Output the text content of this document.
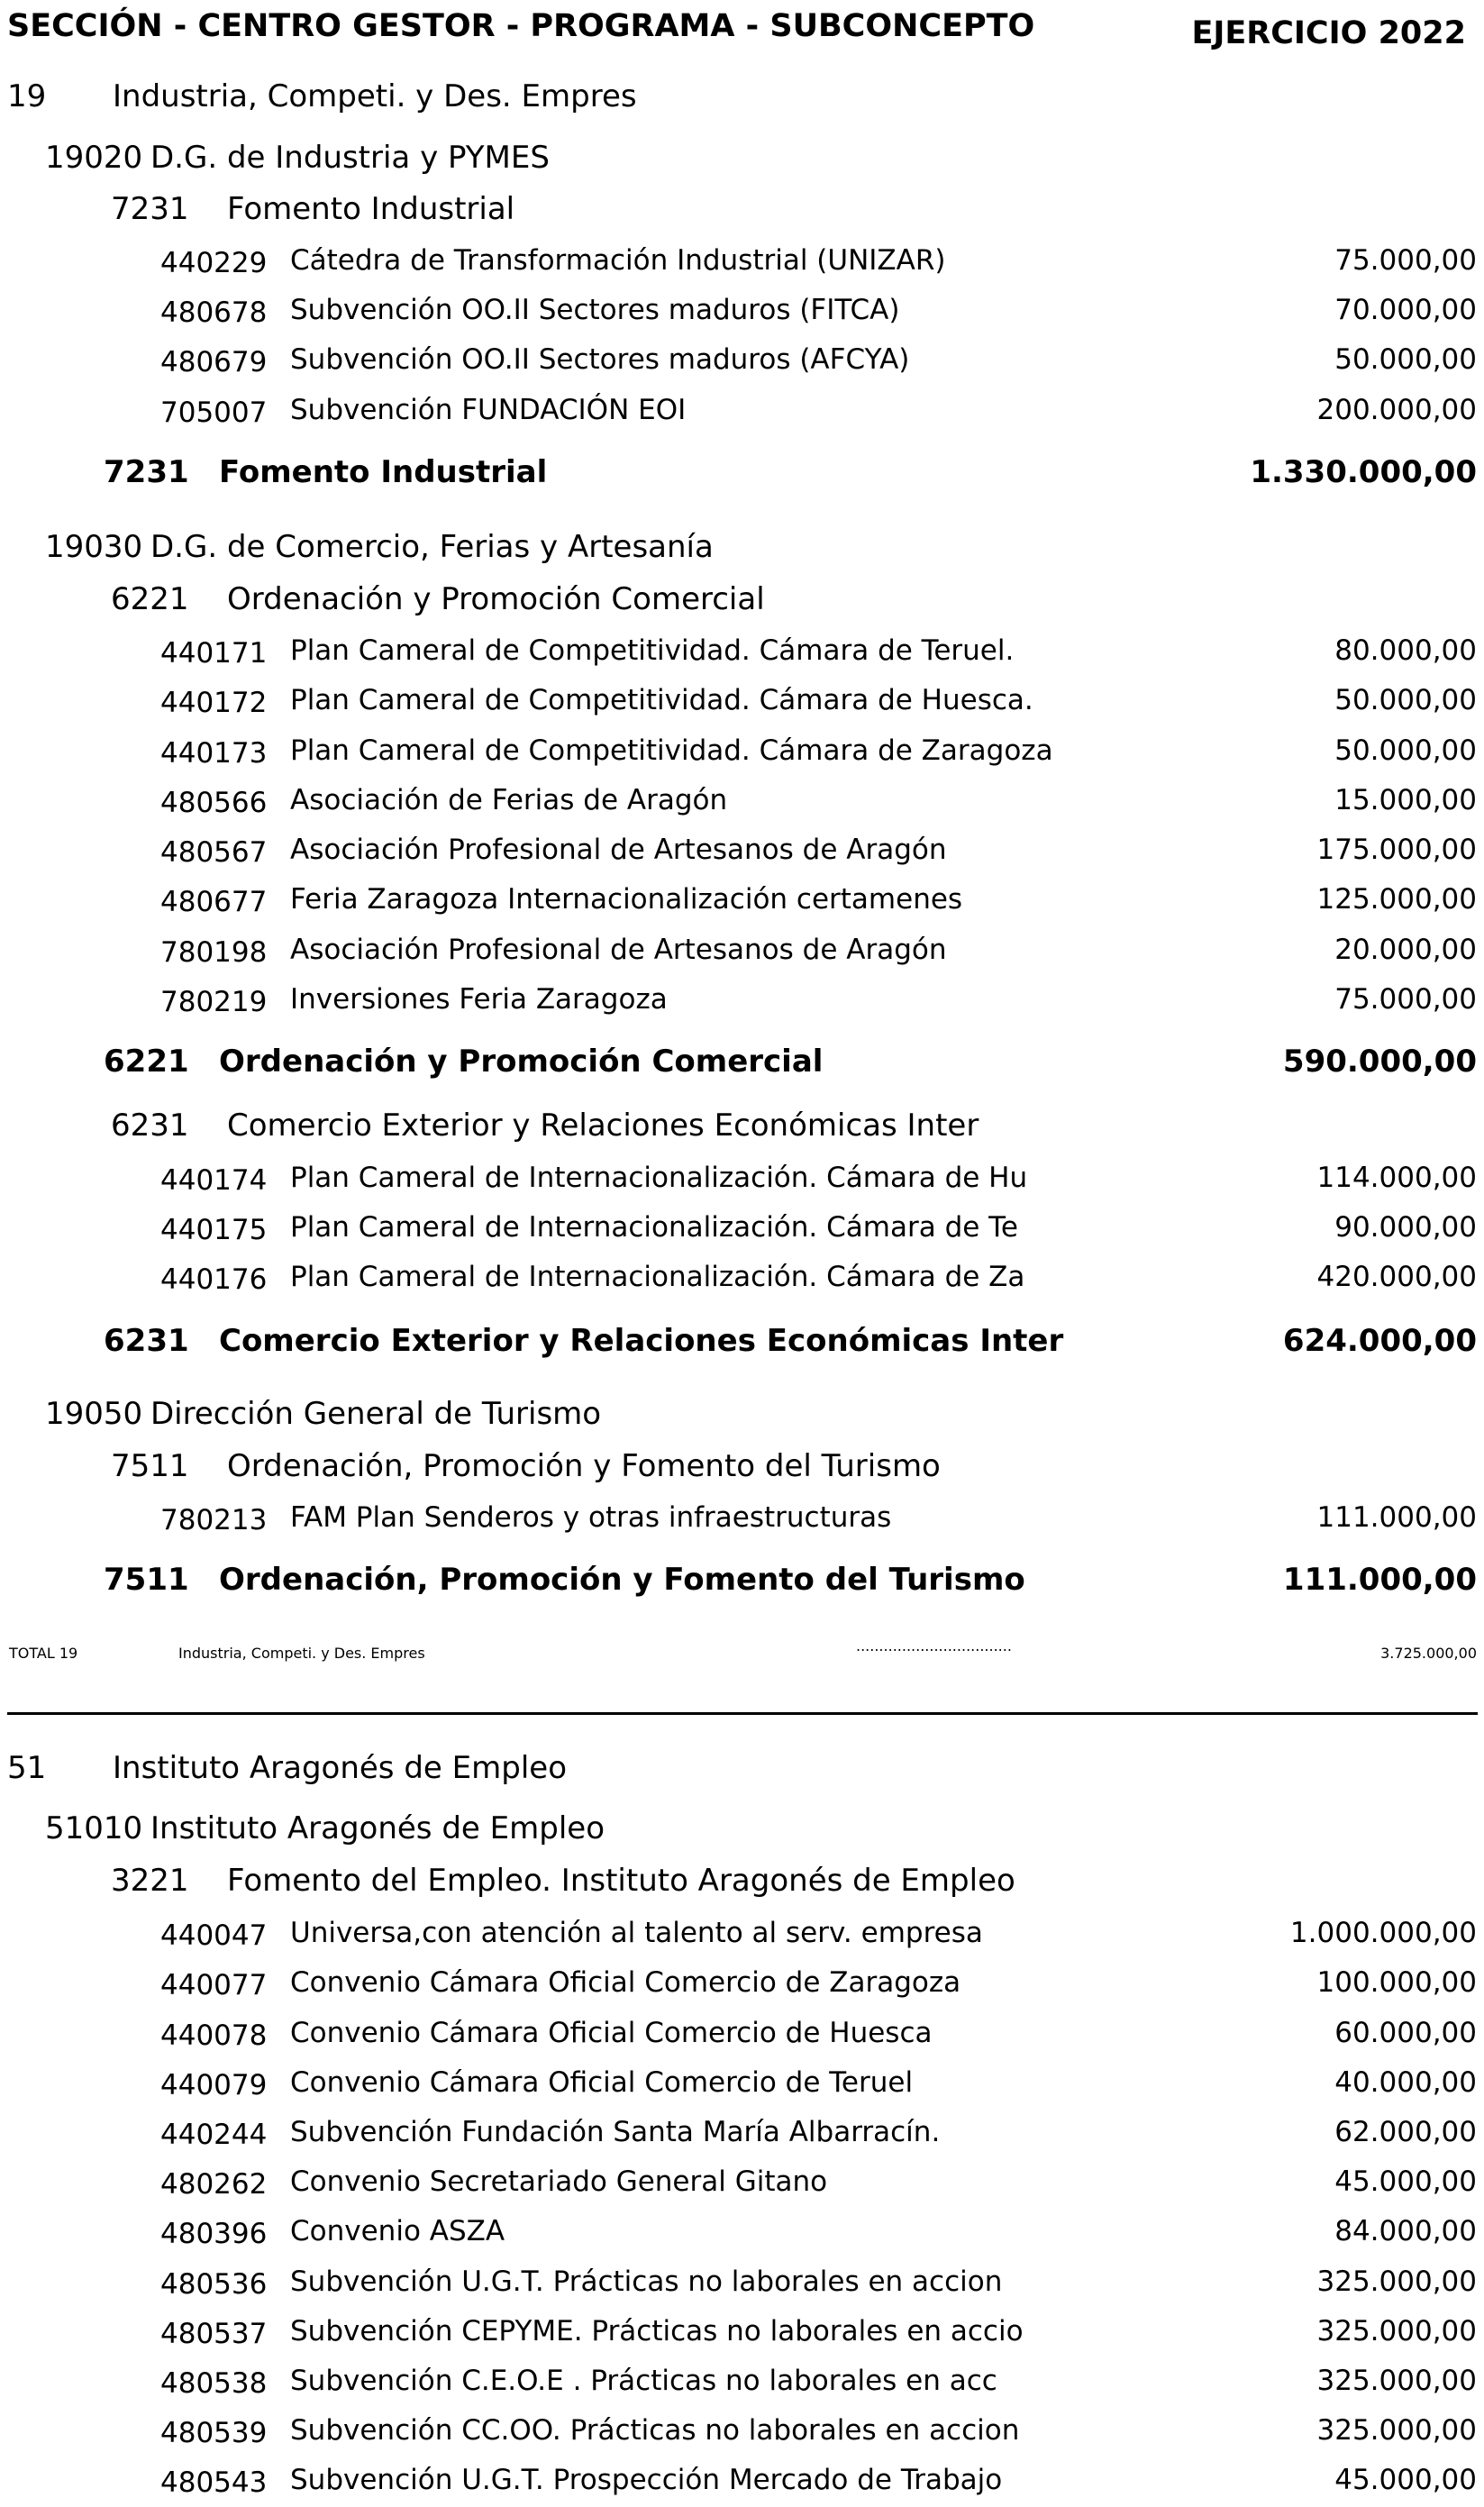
SECCIÓN - CENTRO GESTOR - PROGRAMA - SUBCONCEPTO	EJERCICIO 2022
19 Industria, Competi. y Des. Empres
19020 D.G. de Industria y PYMES
7231 Fomento Industrial
440229 Cátedra de Transformación Industrial (UNIZAR)	75.000,00
480678 Subvención OO.II Sectores maduros (FITCA)	70.000,00
480679 Subvención OO.II Sectores maduros (AFCYA)	50.000,00
705007 Subvención FUNDACIÓN EOI	200.000,00
7231 Fomento Industrial	1.330.000,00
19030 D.G. de Comercio, Ferias y Artesanía
6221 Ordenación y Promoción Comercial
440171 Plan Cameral de Competitividad. Cámara de Teruel.	80.000,00
440172 Plan Cameral de Competitividad. Cámara de Huesca.	50.000,00
440173 Plan Cameral de Competitividad. Cámara de Zaragoza	50.000,00
480566 Asociación de Ferias de Aragón	15.000,00
480567 Asociación Profesional de Artesanos de Aragón	175.000,00
480677 Feria Zaragoza Internacionalización certamenes	125.000,00
780198 Asociación Profesional de Artesanos de Aragón	20.000,00
780219 Inversiones Feria Zaragoza	75.000,00
6221 Ordenación y Promoción Comercial	590.000,00
6231 Comercio Exterior y Relaciones Económicas Inter
440174 Plan Cameral de Internacionalización. Cámara de Hu	114.000,00
440175 Plan Cameral de Internacionalización. Cámara de Te	90.000,00
440176 Plan Cameral de Internacionalización. Cámara de Za	420.000,00
6231 Comercio Exterior y Relaciones Económicas Inter	624.000,00
19050 Dirección General de Turismo
7511 Ordenación, Promoción y Fomento del Turismo
780213 FAM Plan Senderos y otras infraestructuras	111.000,00
7511 Ordenación, Promoción y Fomento del Turismo	111.000,00
TOTAL 19	Industria, Competi. y Des. Empres	..................................	3.725.000,00
51 Instituto Aragonés de Empleo
51010 Instituto Aragonés de Empleo
3221 Fomento del Empleo. Instituto Aragonés de Empleo
440047 Universa,con atención al talento al serv. empresa	1.000.000,00
440077 Convenio Cámara Oficial Comercio de Zaragoza	100.000,00
440078 Convenio Cámara Oficial Comercio de Huesca	60.000,00
440079 Convenio Cámara Oficial Comercio de Teruel	40.000,00
440244 Subvención Fundación Santa María Albarracín.	62.000,00
480262 Convenio Secretariado General Gitano	45.000,00
480396 Convenio ASZA	84.000,00
480536 Subvención U.G.T. Prácticas no laborales en accion	325.000,00
480537 Subvención CEPYME. Prácticas no laborales en accio	325.000,00
480538 Subvención C.E.O.E . Prácticas no laborales en acc	325.000,00
480539 Subvención CC.OO. Prácticas no laborales en accion	325.000,00
480543 Subvención U.G.T. Prospección Mercado de Trabajo	45.000,00
